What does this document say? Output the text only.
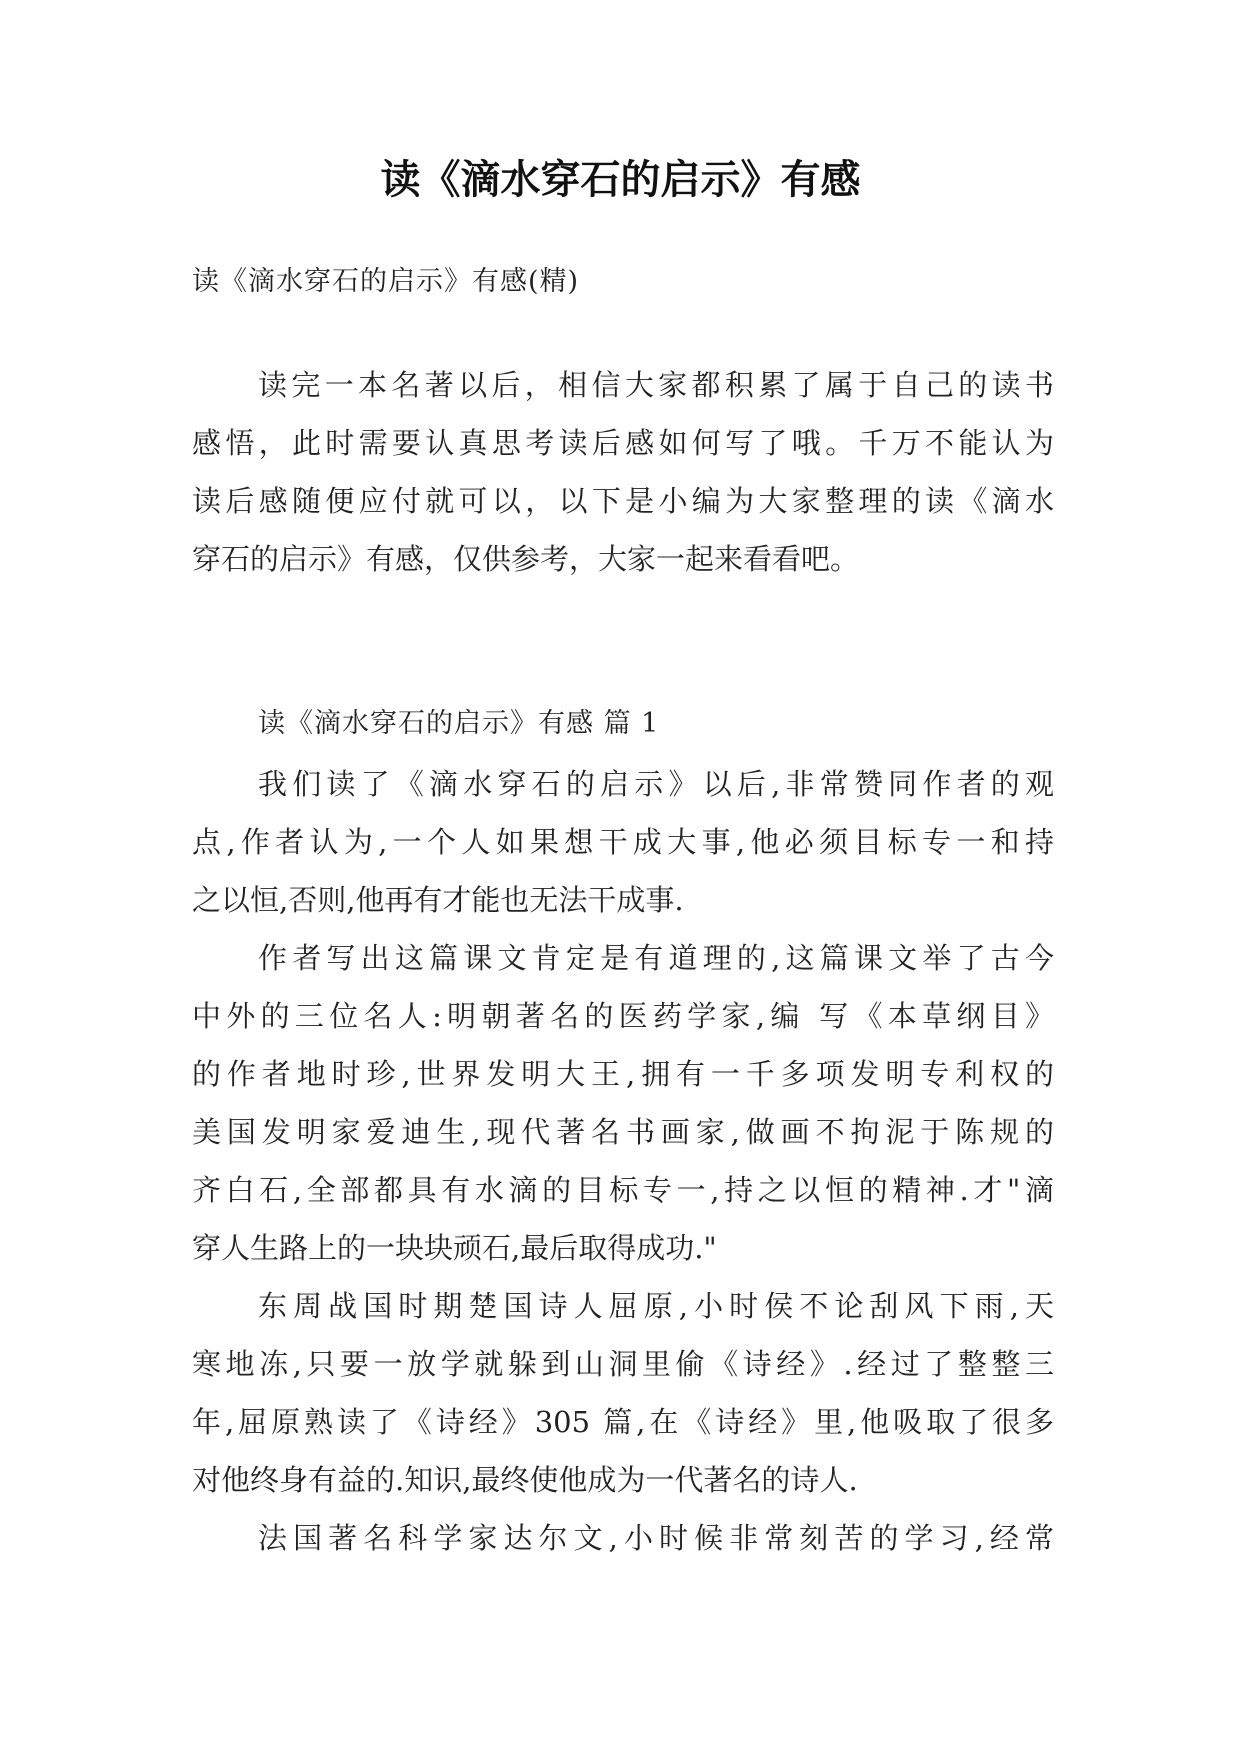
读《滴水穿石的启示》有感
读《滴水穿石的启示》有感(精)
读完一本名著以后，相信大家都积累了属于自己的读书
感悟，此时需要认真思考读后感如何写了哦。千万不能认为
读后感随便应付就可以，以下是小编为大家整理的读《滴水
穿石的启示》有感，仅供参考，大家一起来看看吧。
读《滴水穿石的启示》有感 篇 1
我们读了《滴水穿石的启示》以后,非常赞同作者的观
点,作者认为,一个人如果想干成大事,他必须目标专一和持
之以恒,否则,他再有才能也无法干成事.
作者写出这篇课文肯定是有道理的,这篇课文举了古今
中外的三位名人:明朝著名的医药学家,编 写《本草纲目》
的作者地时珍,世界发明大王,拥有一千多项发明专利权的
美国发明家爱迪生,现代著名书画家,做画不拘泥于陈规的
齐白石,全部都具有水滴的目标专一,持之以恒的精神.才"滴
穿人生路上的一块块顽石,最后取得成功."
东周战国时期楚国诗人屈原,小时侯不论刮风下雨,天
寒地冻,只要一放学就躲到山洞里偷《诗经》.经过了整整三
年,屈原熟读了《诗经》305 篇,在《诗经》里,他吸取了很多
对他终身有益的.知识,最终使他成为一代著名的诗人.
法国著名科学家达尔文,小时候非常刻苦的学习,经常
